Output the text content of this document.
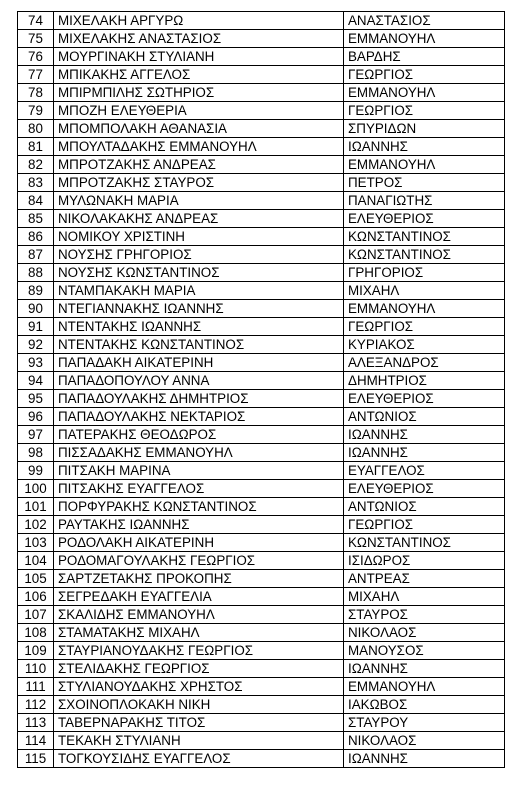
74	ΜΙΧΕΛΑΚΗ ΑΡΓΥΡΩ	ΑΝΑΣΤΑΣΙΟΣ
75	ΜΙΧΕΛΑΚΗΣ ΑΝΑΣΤΑΣΙΟΣ	ΕΜΜΑΝΟΥΗΛ
76	ΜΟΥΡΓΙΝΑΚΗ ΣΤΥΛΙΑΝΗ	ΒΑΡΔΗΣ
77	ΜΠΙΚΑΚΗΣ ΑΓΓΕΛΟΣ	ΓΕΩΡΓΙΟΣ
78	ΜΠΙΡΜΠΙΛΗΣ ΣΩΤΗΡΙΟΣ	ΕΜΜΑΝΟΥΗΛ
79	ΜΠΟΖΗ ΕΛΕΥΘΕΡΙΑ	ΓΕΩΡΓΙΟΣ
80	ΜΠΟΜΠΟΛΑΚΗ ΑΘΑΝΑΣΙΑ	ΣΠΥΡΙΔΩΝ
81	ΜΠΟΥΛΤΑΔΑΚΗΣ ΕΜΜΑΝΟΥΗΛ	ΙΩΑΝΝΗΣ
82	ΜΠΡΟΤΖΑΚΗΣ ΑΝΔΡΕΑΣ	ΕΜΜΑΝΟΥΗΛ
83	ΜΠΡΟΤΖΑΚΗΣ ΣΤΑΥΡΟΣ	ΠΕΤΡΟΣ
84	ΜΥΛΩΝΑΚΗ ΜΑΡΙΑ	ΠΑΝΑΓΙΩΤΗΣ
85	ΝΙΚΟΛΑΚΑΚΗΣ ΑΝΔΡΕΑΣ	ΕΛΕΥΘΕΡΙΟΣ
86	ΝΟΜΙΚΟΥ ΧΡΙΣΤΙΝΗ	ΚΩΝΣΤΑΝΤΙΝΟΣ
87	ΝΟΥΣΗΣ ΓΡΗΓΟΡΙΟΣ	ΚΩΝΣΤΑΝΤΙΝΟΣ
88	ΝΟΥΣΗΣ ΚΩΝΣΤΑΝΤΙΝΟΣ	ΓΡΗΓΟΡΙΟΣ
89	ΝΤΑΜΠΑΚΑΚΗ ΜΑΡΙΑ	ΜΙΧΑΗΛ
90	ΝΤΕΓΙΑΝΝΑΚΗΣ ΙΩΑΝΝΗΣ	ΕΜΜΑΝΟΥΗΛ
91	ΝΤΕΝΤΑΚΗΣ ΙΩΑΝΝΗΣ	ΓΕΩΡΓΙΟΣ
92	ΝΤΕΝΤΑΚΗΣ ΚΩΝΣΤΑΝΤΙΝΟΣ	ΚΥΡΙΑΚΟΣ
93	ΠΑΠΑΔΑΚΗ ΑΙΚΑΤΕΡΙΝΗ	ΑΛΕΞΑΝΔΡΟΣ
94	ΠΑΠΑΔΟΠΟΥΛΟΥ ΑΝΝΑ	ΔΗΜΗΤΡΙΟΣ
95	ΠΑΠΑΔΟΥΛΑΚΗΣ ΔΗΜΗΤΡΙΟΣ	ΕΛΕΥΘΕΡΙΟΣ
96	ΠΑΠΑΔΟΥΛΑΚΗΣ ΝΕΚΤΑΡΙΟΣ	ΑΝΤΩΝΙΟΣ
97	ΠΑΤΕΡΑΚΗΣ ΘΕΟΔΩΡΟΣ	ΙΩΑΝΝΗΣ
98	ΠΙΣΣΑΔΑΚΗΣ ΕΜΜΑΝΟΥΗΛ	ΙΩΑΝΝΗΣ
99	ΠΙΤΣΑΚΗ ΜΑΡΙΝΑ	ΕΥΑΓΓΕΛΟΣ
100	ΠΙΤΣΑΚΗΣ ΕΥΑΓΓΕΛΟΣ	ΕΛΕΥΘΕΡΙΟΣ
101	ΠΟΡΦΥΡΑΚΗΣ ΚΩΝΣΤΑΝΤΙΝΟΣ	ΑΝΤΩΝΙΟΣ
102	ΡΑΥΤΑΚΗΣ ΙΩΑΝΝΗΣ	ΓΕΩΡΓΙΟΣ
103	ΡΟΔΟΛΑΚΗ ΑΙΚΑΤΕΡΙΝΗ	ΚΩΝΣΤΑΝΤΙΝΟΣ
104	ΡΟΔΟΜΑΓΟΥΛΑΚΗΣ ΓΕΩΡΓΙΟΣ	ΙΣΙΔΩΡΟΣ
105	ΣΑΡΤΖΕΤΑΚΗΣ ΠΡΟΚΟΠΗΣ	ΑΝΤΡΕΑΣ
106	ΣΕΓΡΕΔΑΚΗ ΕΥΑΓΓΕΛΙΑ	ΜΙΧΑΗΛ
107	ΣΚΑΛΙΔΗΣ ΕΜΜΑΝΟΥΗΛ	ΣΤΑΥΡΟΣ
108	ΣΤΑΜΑΤΑΚΗΣ ΜΙΧΑΗΛ	ΝΙΚΟΛΑΟΣ
109	ΣΤΑΥΡΙΑΝΟΥΔΑΚΗΣ ΓΕΩΡΓΙΟΣ	ΜΑΝΟΥΣΟΣ
110	ΣΤΕΛΙΔΑΚΗΣ ΓΕΩΡΓΙΟΣ	ΙΩΑΝΝΗΣ
111	ΣΤΥΛΙΑΝΟΥΔΑΚΗΣ ΧΡΗΣΤΟΣ	ΕΜΜΑΝΟΥΗΛ
112	ΣΧΟΙΝΟΠΛΟΚΑΚΗ ΝΙΚΗ	ΙΑΚΩΒΟΣ
113	ΤΑΒΕΡΝΑΡΑΚΗΣ ΤΙΤΟΣ	ΣΤΑΥΡΟΥ
114	ΤΕΚΑΚΗ ΣΤΥΛΙΑΝΗ	ΝΙΚΟΛΑΟΣ
115	ΤΟΓΚΟΥΣΙΔΗΣ ΕΥΑΓΓΕΛΟΣ	ΙΩΑΝΝΗΣ
